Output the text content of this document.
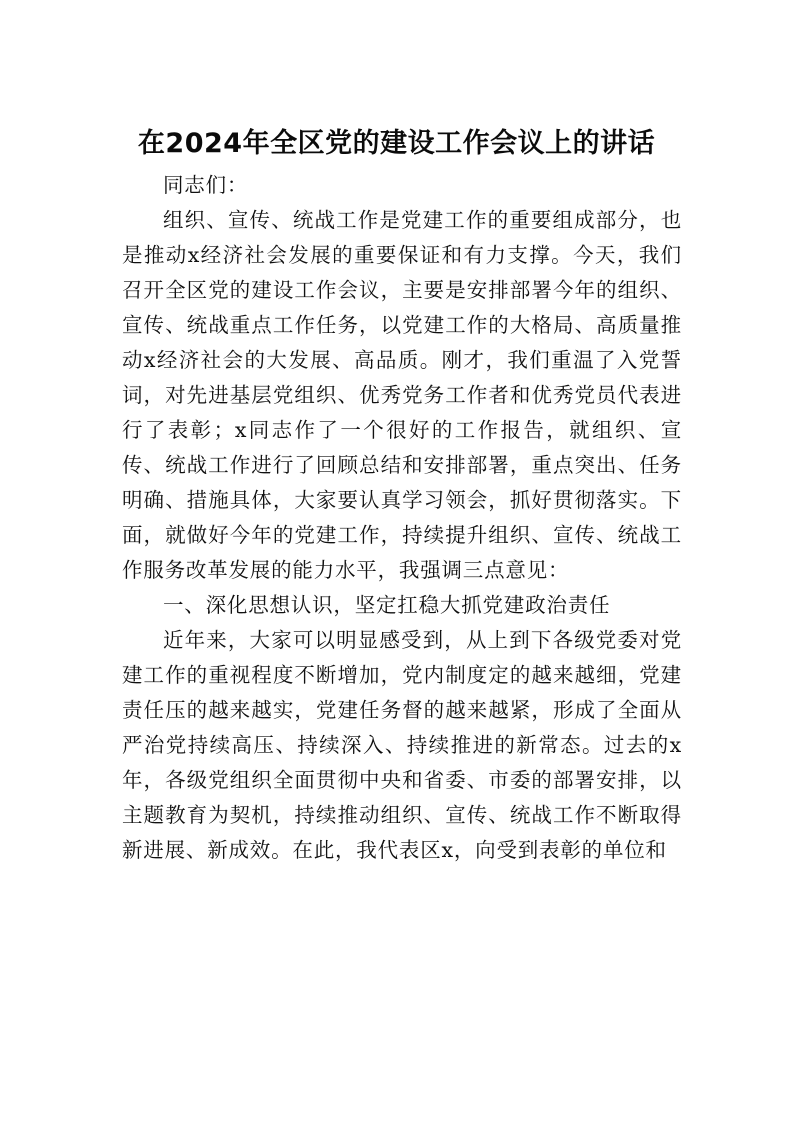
在2024年全区党的建设工作会议上的讲话

同志们：

组织、宣传、统战工作是党建工作的重要组成部分，也是推动x经济社会发展的重要保证和有力支撑。今天，我们召开全区党的建设工作会议，主要是安排部署今年的组织、宣传、统战重点工作任务，以党建工作的大格局、高质量推动x经济社会的大发展、高品质。刚才，我们重温了入党誓词，对先进基层党组织、优秀党务工作者和优秀党员代表进行了表彰；x同志作了一个很好的工作报告，就组织、宣传、统战工作进行了回顾总结和安排部署，重点突出、任务明确、措施具体，大家要认真学习领会，抓好贯彻落实。下面，就做好今年的党建工作，持续提升组织、宣传、统战工作服务改革发展的能力水平，我强调三点意见：

一、深化思想认识，坚定扛稳大抓党建政治责任

近年来，大家可以明显感受到，从上到下各级党委对党建工作的重视程度不断增加，党内制度定的越来越细，党建责任压的越来越实，党建任务督的越来越紧，形成了全面从严治党持续高压、持续深入、持续推进的新常态。过去的x年，各级党组织全面贯彻中央和省委、市委的部署安排，以主题教育为契机，持续推动组织、宣传、统战工作不断取得新进展、新成效。在此，我代表区x，向受到表彰的单位和
